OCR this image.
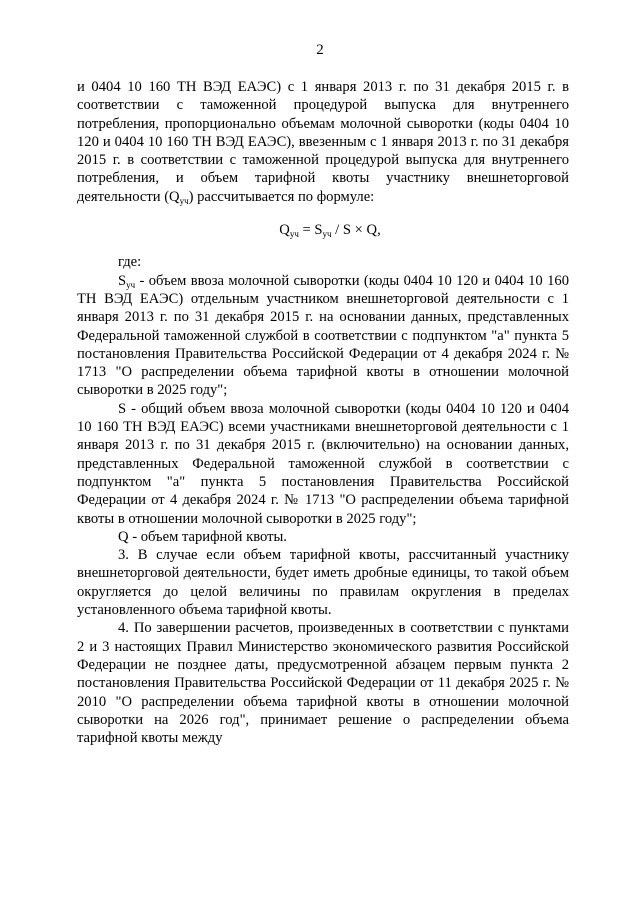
2

и 0404 10 160 ТН ВЭД ЕАЭС) с 1 января 2013 г. по 31 декабря 2015 г. в соответствии с таможенной процедурой выпуска для внутреннего потребления, пропорционально объемам молочной сыворотки (коды 0404 10 120 и 0404 10 160 ТН ВЭД ЕАЭС), ввезенным с 1 января 2013 г. по 31 декабря 2015 г. в соответствии с таможенной процедурой выпуска для внутреннего потребления, и объем тарифной квоты участнику внешнеторговой деятельности $(Q_{уч})$ рассчитывается по формуле:

$Q_{уч} = S_{уч} / S \times Q$,

где:

$S_{уч}$ - объем ввоза молочной сыворотки (коды 0404 10 120 и 0404 10 160 ТН ВЭД ЕАЭС) отдельным участником внешнеторговой деятельности с 1 января 2013 г. по 31 декабря 2015 г. на основании данных, представленных Федеральной таможенной службой в соответствии с подпунктом "а" пункта 5 постановления Правительства Российской Федерации от 4 декабря 2024 г. № 1713 "О распределении объема тарифной квоты в отношении молочной сыворотки в 2025 году";

S - общий объем ввоза молочной сыворотки (коды 0404 10 120 и 0404 10 160 ТН ВЭД ЕАЭС) всеми участниками внешнеторговой деятельности с 1 января 2013 г. по 31 декабря 2015 г. (включительно) на основании данных, представленных Федеральной таможенной службой в соответствии с подпунктом "а" пункта 5 постановления Правительства Российской Федерации от 4 декабря 2024 г. № 1713 "О распределении объема тарифной квоты в отношении молочной сыворотки в 2025 году";

Q - объем тарифной квоты.

3. В случае если объем тарифной квоты, рассчитанный участнику внешнеторговой деятельности, будет иметь дробные единицы, то такой объем округляется до целой величины по правилам округления в пределах установленного объема тарифной квоты.

4. По завершении расчетов, произведенных в соответствии с пунктами 2 и 3 настоящих Правил Министерство экономического развития Российской Федерации не позднее даты, предусмотренной абзацем первым пункта 2 постановления Правительства Российской Федерации от 11 декабря 2025 г. № 2010 "О распределении объема тарифной квоты в отношении молочной сыворотки на 2026 год", принимает решение о распределении объема тарифной квоты между
